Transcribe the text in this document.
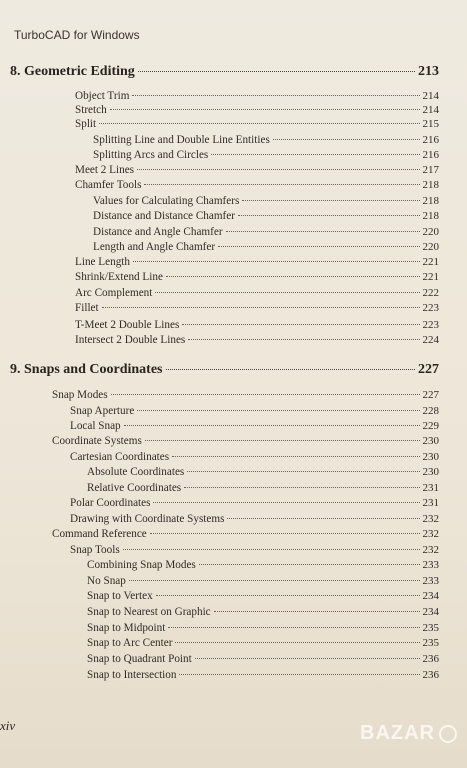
TurboCAD for Windows
8.
Geometric Editing	213
Object Trim	214
Stretch	214
Split	215
Splitting Line and Double Line Entities	216
Splitting Arcs and Circles	216
Meet 2 Lines	217
Chamfer Tools	218
Values for Calculating Chamfers	218
Distance and Distance Chamfer	218
Distance and Angle Chamfer	220
Length and Angle Chamfer	220
Line Length	221
Shrink/Extend Line	221
Arc Complement	222
Fillet	223
T-Meet 2 Double Lines	223
Intersect 2 Double Lines	224
9.
Snaps and Coordinates	227
Snap Modes	227
Snap Aperture	228
Local Snap	229
Coordinate Systems	230
Cartesian Coordinates	230
Absolute Coordinates	230
Relative Coordinates	231
Polar Coordinates	231
Drawing with Coordinate Systems	232
Command Reference	232
Snap Tools	232
Combining Snap Modes	233
No Snap	233
Snap to Vertex	234
Snap to Nearest on Graphic	234
Snap to Midpoint	235
Snap to Arc Center	235
Snap to Quadrant Point	236
Snap to Intersection	236
xiv	BAZAR
